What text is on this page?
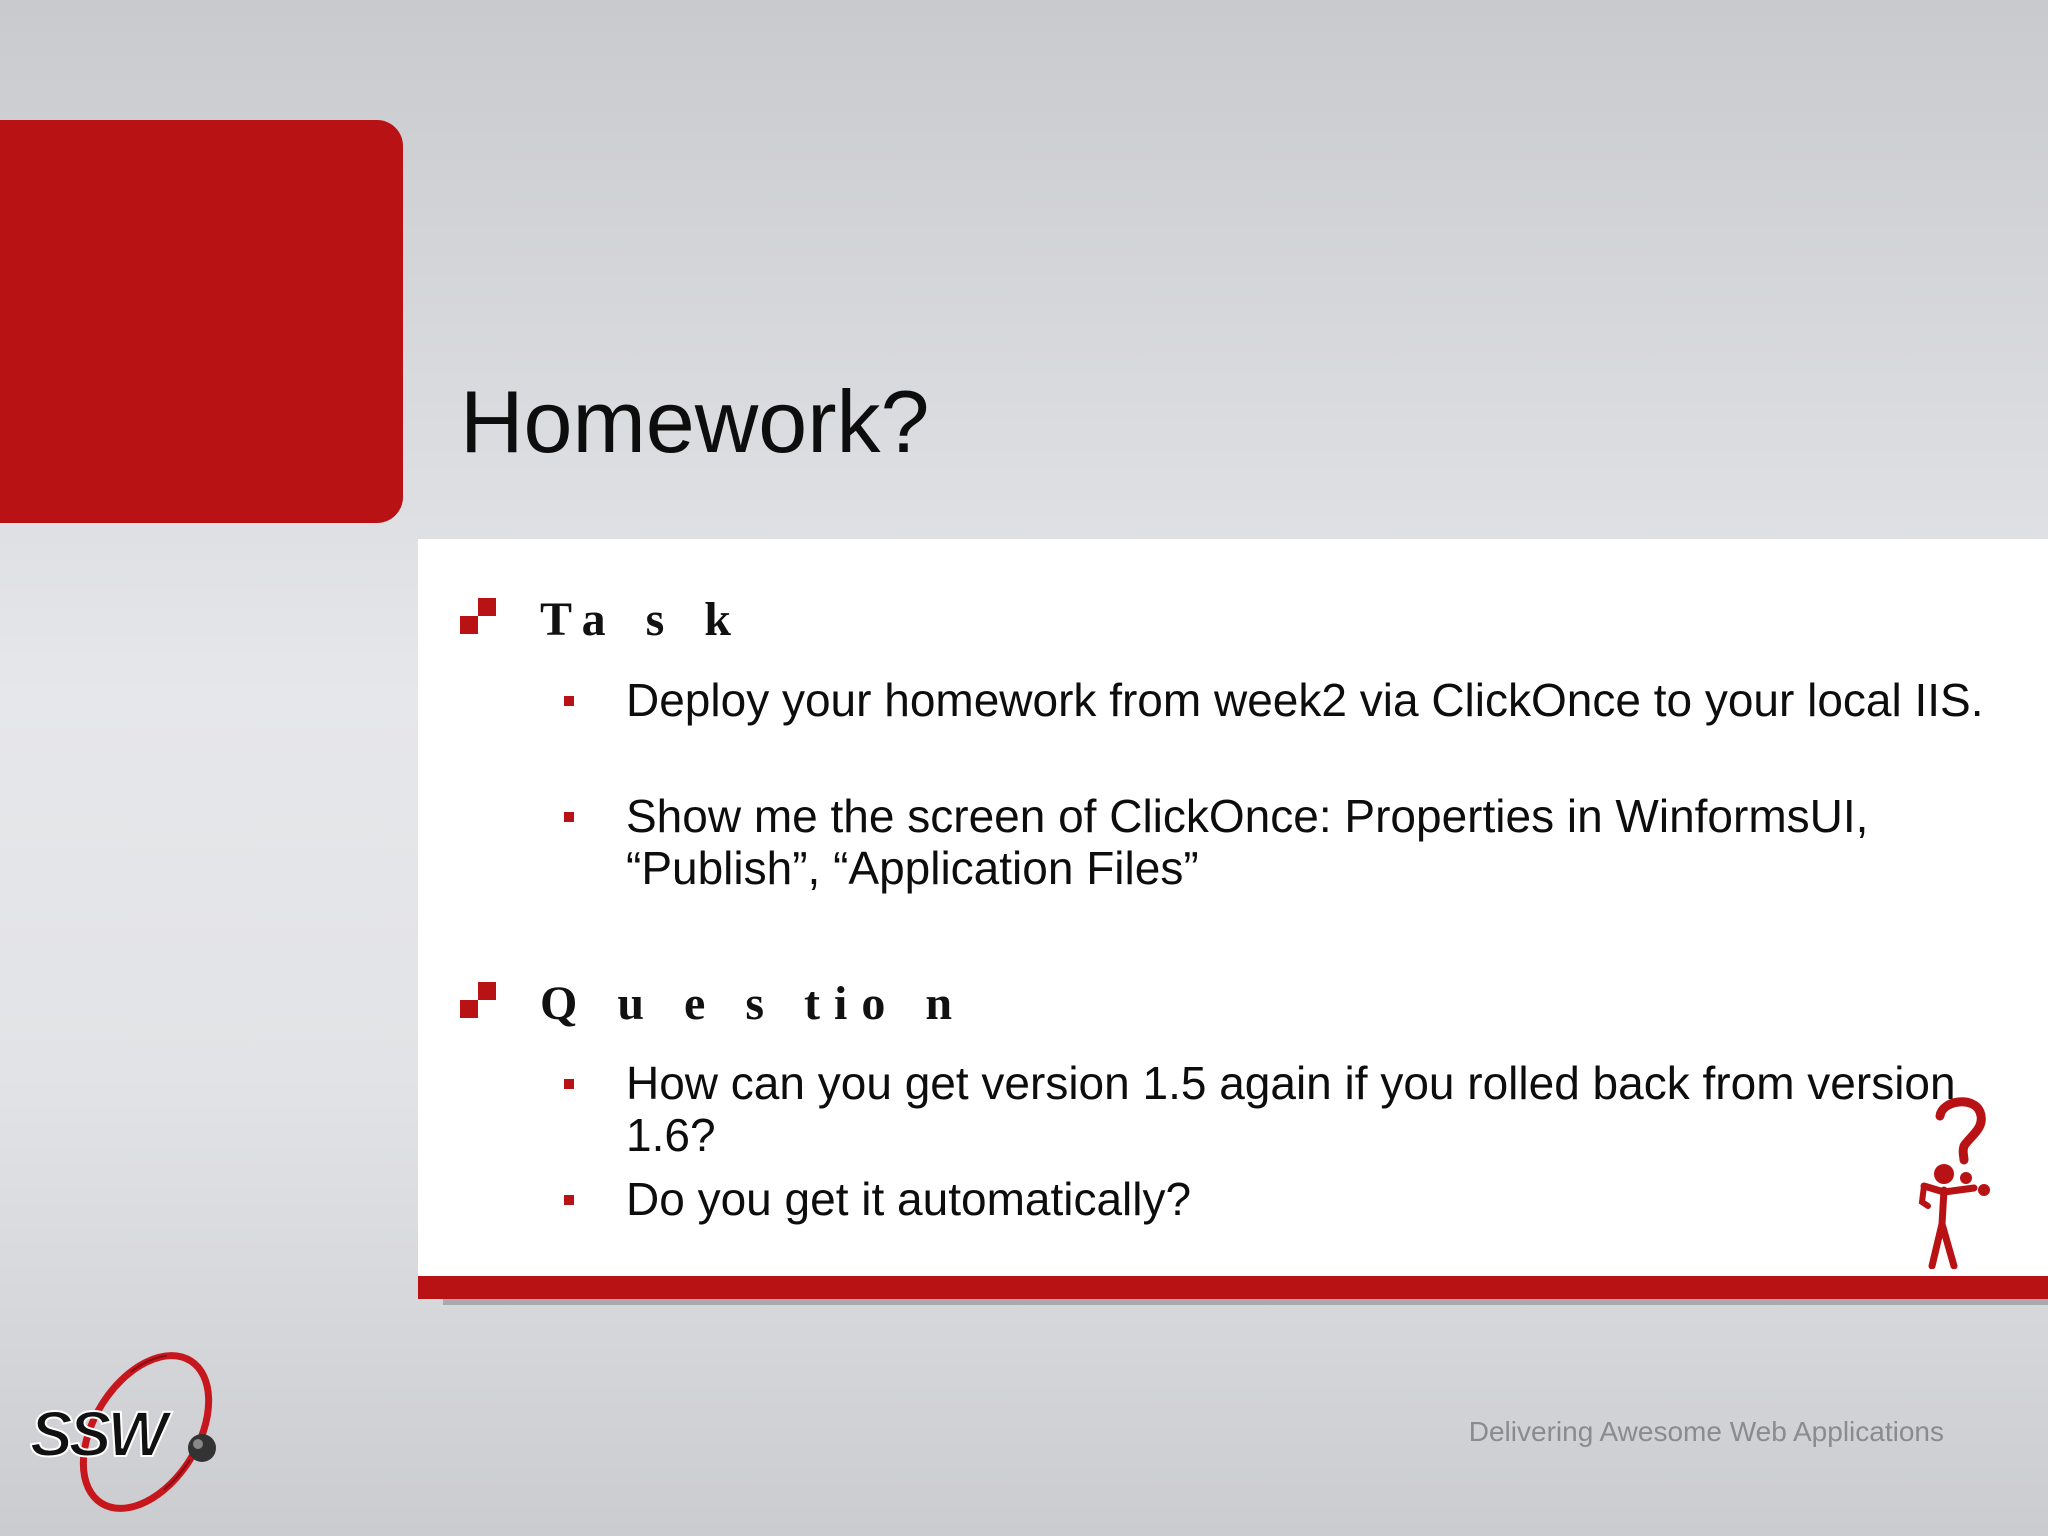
Homework?
Ta s k
Deploy your homework from week2 via ClickOnce to your local IIS.
Show me the screen of ClickOnce: Properties in WinformsUI, “Publish”, “Application Files”
Q u e s tio n
How can you get version 1.5 again if you rolled back from version 1.6?
Do you get it automatically?
SSW	Delivering Awesome Web Applications
